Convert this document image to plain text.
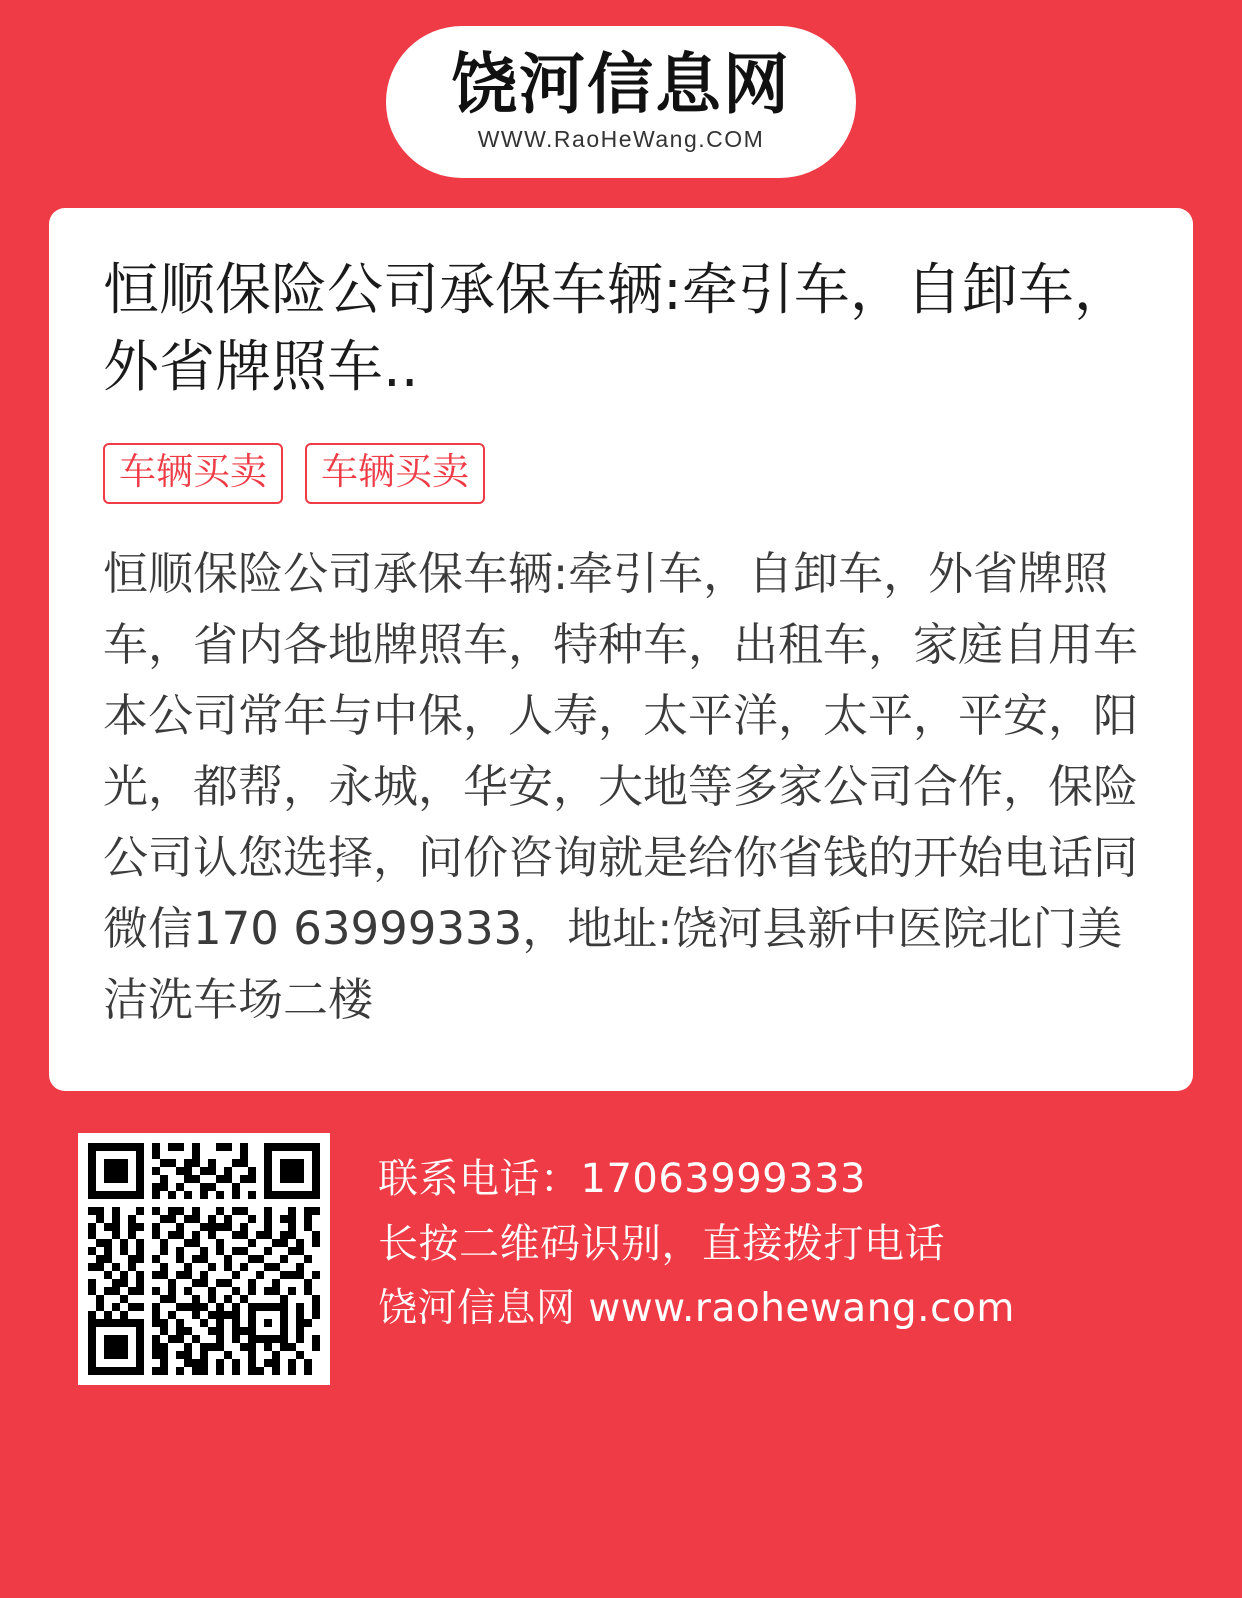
饶河信息网
WWW.RaoHeWang.COM
恒顺保险公司承保车辆:牵引车，自卸车，外省牌照车..
车辆买卖	车辆买卖
恒顺保险公司承保车辆:牵引车，自卸车，外省牌照车，省内各地牌照车，特种车，出租车，家庭自用车本公司常年与中保，人寿，太平洋，太平，平安，阳光，都帮，永城，华安，大地等多家公司合作，保险公司认您选择，问价咨询就是给你省钱的开始电话同微信170 63999333，地址:饶河县新中医院北门美洁洗车场二楼
联系电话：17063999333
长按二维码识别，直接拨打电话
饶河信息网 www.raohewang.com
